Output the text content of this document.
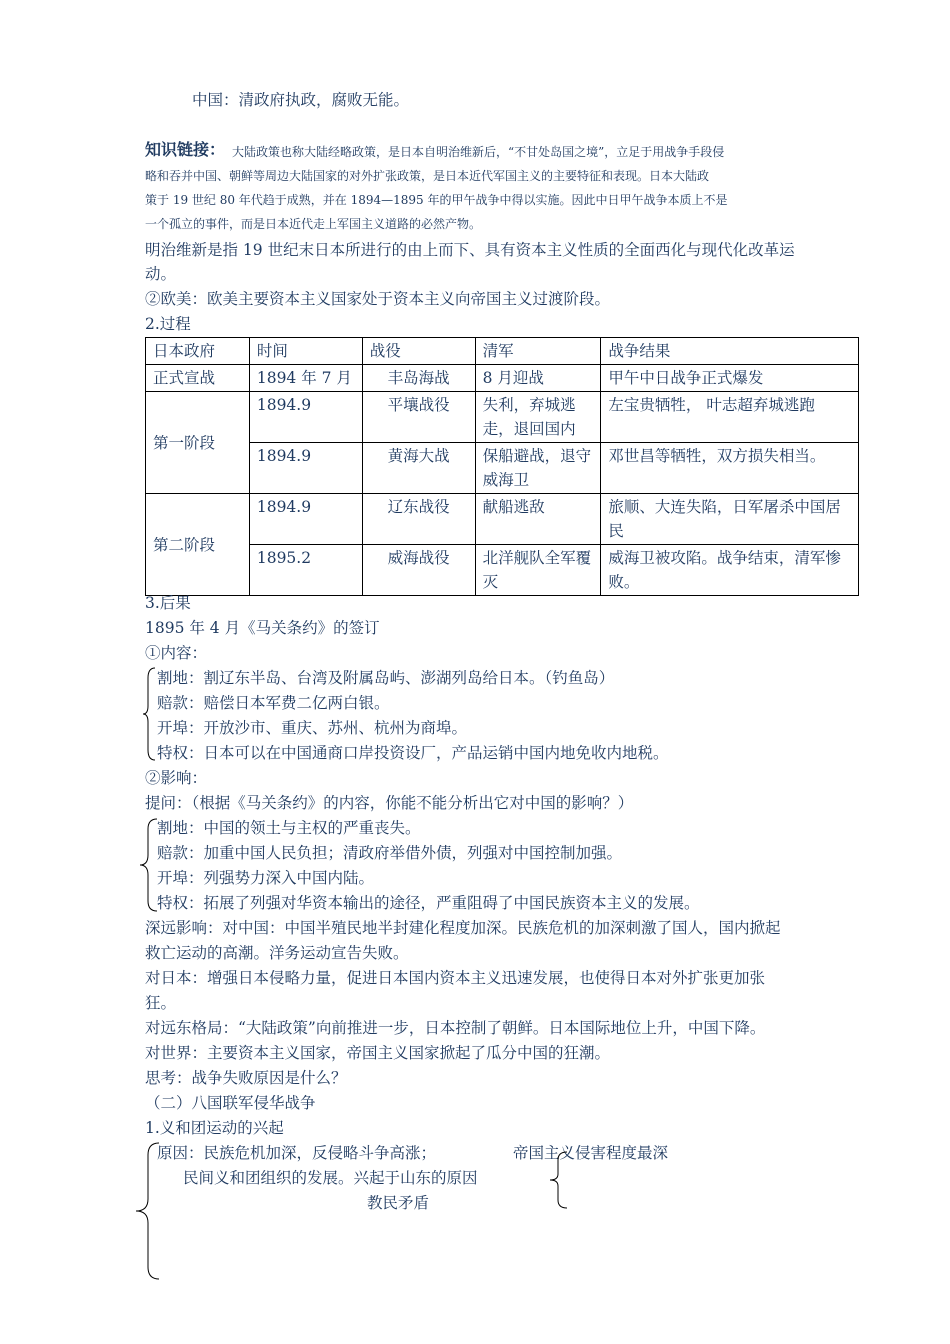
中国：清政府执政，腐败无能。
知识链接： 大陆政策也称大陆经略政策，是日本自明治维新后，“不甘处岛国之境”，立足于用战争手段侵
略和吞并中国、朝鲜等周边大陆国家的对外扩张政策，是日本近代军国主义的主要特征和表现。日本大陆政
策于 19 世纪 80 年代趋于成熟，并在 1894—1895 年的甲午战争中得以实施。因此中日甲午战争本质上不是
一个孤立的事件，而是日本近代走上军国主义道路的必然产物。
明治维新是指 19 世纪末日本所进行的由上而下、具有资本主义性质的全面西化与现代化改革运
动。
②欧美：欧美主要资本主义国家处于资本主义向帝国主义过渡阶段。
2.过程
日本政府	时间	战役	清军	战争结果
正式宣战	1894 年 7 月	丰岛海战	8 月迎战	甲午中日战争正式爆发
第一阶段	1894.9	平壤战役	失利，弃城逃走，退回国内	左宝贵牺牲， 叶志超弃城逃跑
	1894.9	黄海大战	保船避战，退守威海卫	邓世昌等牺牲，双方损失相当。
第二阶段	1894.9	辽东战役	献船逃敌	旅顺、大连失陷，日军屠杀中国居民
	1895.2	威海战役	北洋舰队全军覆灭	威海卫被攻陷。战争结束，清军惨败。
3.后果
1895 年 4 月《马关条约》的签订
①内容：
割地：割辽东半岛、台湾及附属岛屿、澎湖列岛给日本。（钓鱼岛）
赔款：赔偿日本军费二亿两白银。
开埠：开放沙市、重庆、苏州、杭州为商埠。
特权：日本可以在中国通商口岸投资设厂，产品运销中国内地免收内地税。
②影响：
提问：（根据《马关条约》的内容，你能不能分析出它对中国的影响？）
割地：中国的领土与主权的严重丧失。
赔款：加重中国人民负担；清政府举借外债，列强对中国控制加强。
开埠：列强势力深入中国内陆。
特权：拓展了列强对华资本输出的途径，严重阻碍了中国民族资本主义的发展。
深远影响：对中国：中国半殖民地半封建化程度加深。民族危机的加深刺激了国人，国内掀起
救亡运动的高潮。洋务运动宣告失败。
对日本：增强日本侵略力量，促进日本国内资本主义迅速发展，也使得日本对外扩张更加张
狂。
对远东格局：“大陆政策”向前推进一步，日本控制了朝鲜。日本国际地位上升，中国下降。
对世界：主要资本主义国家，帝国主义国家掀起了瓜分中国的狂潮。
思考：战争失败原因是什么？
（二）八国联军侵华战争
1.义和团运动的兴起
原因：民族危机加深，反侵略斗争高涨；	帝国主义侵害程度最深
民间义和团组织的发展。兴起于山东的原因
教民矛盾
